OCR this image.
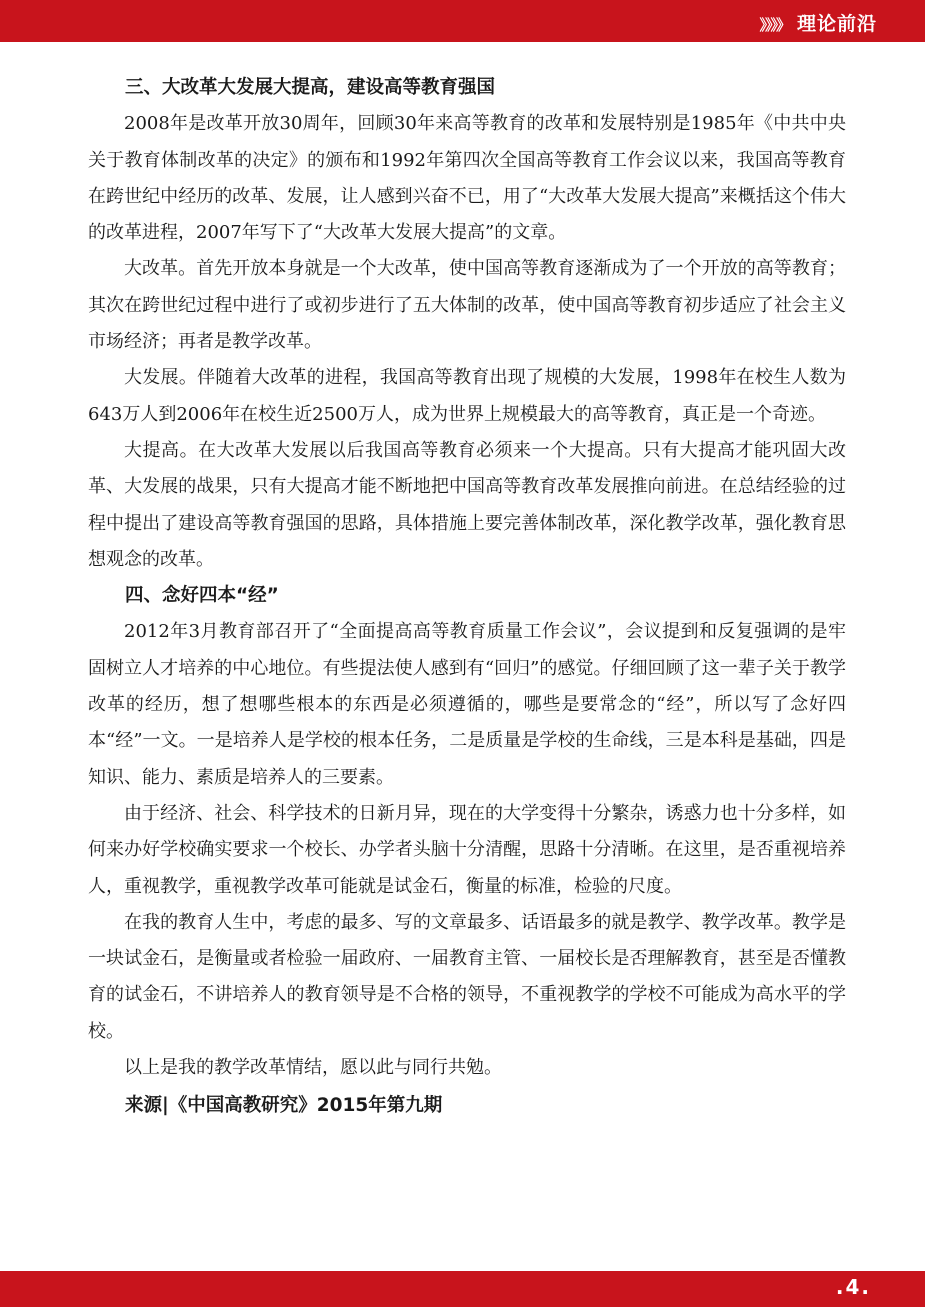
》》》》 理论前沿
三、大改革大发展大提高，建设高等教育强国

2008年是改革开放30周年，回顾30年来高等教育的改革和发展特别是1985年《中共中央关于教育体制改革的决定》的颁布和1992年第四次全国高等教育工作会议以来，我国高等教育在跨世纪中经历的改革、发展，让人感到兴奋不已，用了“大改革大发展大提高”来概括这个伟大的改革进程，2007年写下了“大改革大发展大提高”的文章。

大改革。首先开放本身就是一个大改革，使中国高等教育逐渐成为了一个开放的高等教育；其次在跨世纪过程中进行了或初步进行了五大体制的改革，使中国高等教育初步适应了社会主义市场经济；再者是教学改革。

大发展。伴随着大改革的进程，我国高等教育出现了规模的大发展，1998年在校生人数为643万人到2006年在校生近2500万人，成为世界上规模最大的高等教育，真正是一个奇迹。

大提高。在大改革大发展以后我国高等教育必须来一个大提高。只有大提高才能巩固大改革、大发展的战果，只有大提高才能不断地把中国高等教育改革发展推向前进。在总结经验的过程中提出了建设高等教育强国的思路，具体措施上要完善体制改革，深化教学改革，强化教育思想观念的改革。

四、念好四本“经”

2012年3月教育部召开了“全面提高高等教育质量工作会议”，会议提到和反复强调的是牢固树立人才培养的中心地位。有些提法使人感到有“回归”的感觉。仔细回顾了这一辈子关于教学改革的经历，想了想哪些根本的东西是必须遵循的，哪些是要常念的“经”，所以写了念好四本“经”一文。一是培养人是学校的根本任务，二是质量是学校的生命线，三是本科是基础，四是知识、能力、素质是培养人的三要素。

由于经济、社会、科学技术的日新月异，现在的大学变得十分繁杂，诱惑力也十分多样，如何来办好学校确实要求一个校长、办学者头脑十分清醒，思路十分清晰。在这里，是否重视培养人，重视教学，重视教学改革可能就是试金石，衡量的标准，检验的尺度。

在我的教育人生中，考虑的最多、写的文章最多、话语最多的就是教学、教学改革。教学是一块试金石，是衡量或者检验一届政府、一届教育主管、一届校长是否理解教育，甚至是否懂教育的试金石，不讲培养人的教育领导是不合格的领导，不重视教学的学校不可能成为高水平的学校。

以上是我的教学改革情结，愿以此与同行共勉。

来源|《中国高教研究》2015年第九期
.4.
